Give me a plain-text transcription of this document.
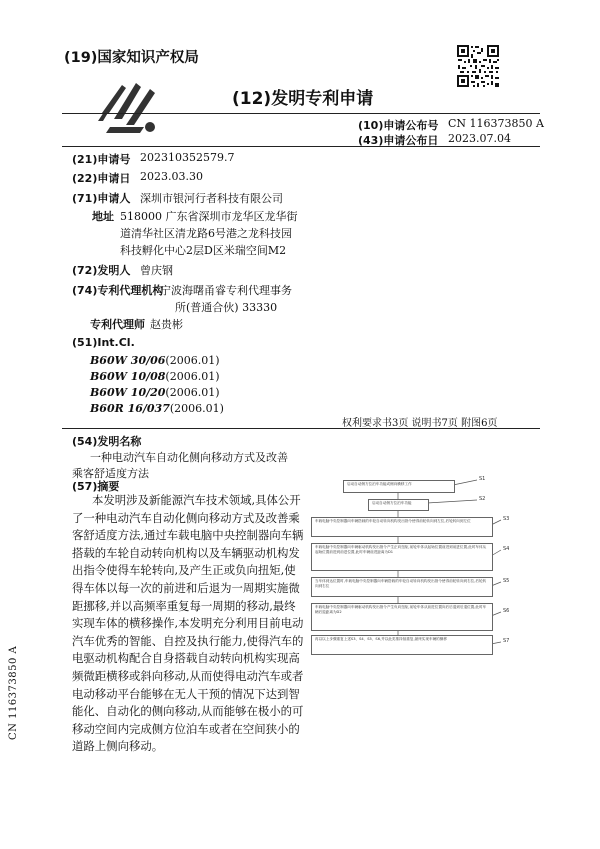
(19)国家知识产权局
(12)发明专利申请
(10)申请公布号 CN 116373850 A
(43)申请公布日 2023.07.04
(21)申请号 202310352579.7
(22)申请日 2023.03.30
(71)申请人 深圳市银河行者科技有限公司
地址 518000 广东省深圳市龙华区龙华街
道清华社区清龙路6号港之龙科技园
科技孵化中心2层D区米瑞空间M2
(72)发明人 曾庆钢
(74)专利代理机构
宁波海曙甬睿专利代理事务
所(普通合伙) 33330
专利代理师 赵贵彬
(51)Int.Cl.
B60W 30/06(2006.01)
B60W 10/08(2006.01)
B60W 10/20(2006.01)
B60R 16/037(2006.01)
权利要求书3页 说明书7页 附图6页
(54)发明名称
一种电动汽车自动化侧向移动方式及改善
乘客舒适度方法
(57)摘要
本发明涉及新能源汽车技术领域,具体公开
了一种电动汽车自动化侧向移动方式及改善乘
客舒适度方法,通过车载电脑中央控制器向车辆
搭载的车轮自动转向机构以及车辆驱动机构发
出指令使得车轮转向,及产生正或负向扭矩,使
得车体以每一次的前进和后退为一周期实施微
距挪移,并以高频率重复每一周期的移动,最终
实现车体的横移操作,本发明充分利用目前电动
汽车优秀的智能、自控及执行能力,使得汽车的
电驱动机构配合自身搭载自动转向机构实现高
频微距横移或斜向移动,从而使得电动汽车或者
电动移动平台能够在无人干预的情况下达到智
能化、自动化的侧向移动,从而能够在极小的可
移动空间内完成侧方位泊车或者在空间狭小的
道路上侧向移动。
CN 116373850 A
启动自动侧方位泊车功能或侧向横移工作
S1
启动自动侧方位泊车功能
S2
车载电脑中央控制器向车辆搭载的车轮自动转向机构发出指令使得前轮转向到左位,后轮转向到左位	S3
车载电脑中央控制器向车辆驱动机构发出指令产生正向扭矩,前轮车体从起始位置前进到前进位置,此时车体从起始位置前进到前进位置,此时车辆前进距离为D1	S4
当车体到达位置时,车载电脑中央控制器向车辆搭载的车轮自动转向机构发出指令使得前轮转向到右位,后轮转向到右位
S5
车载电脑中央控制器向车辆驱动机构发出指令产生负向扭矩,前轮车体从前进位置向后后退到后退位置,此时车辆后退距离为D2	S6
再以以上步骤重复上述S3、S4、S5、S6,并以此类推持续重复,最终实现车辆的横移	S7
